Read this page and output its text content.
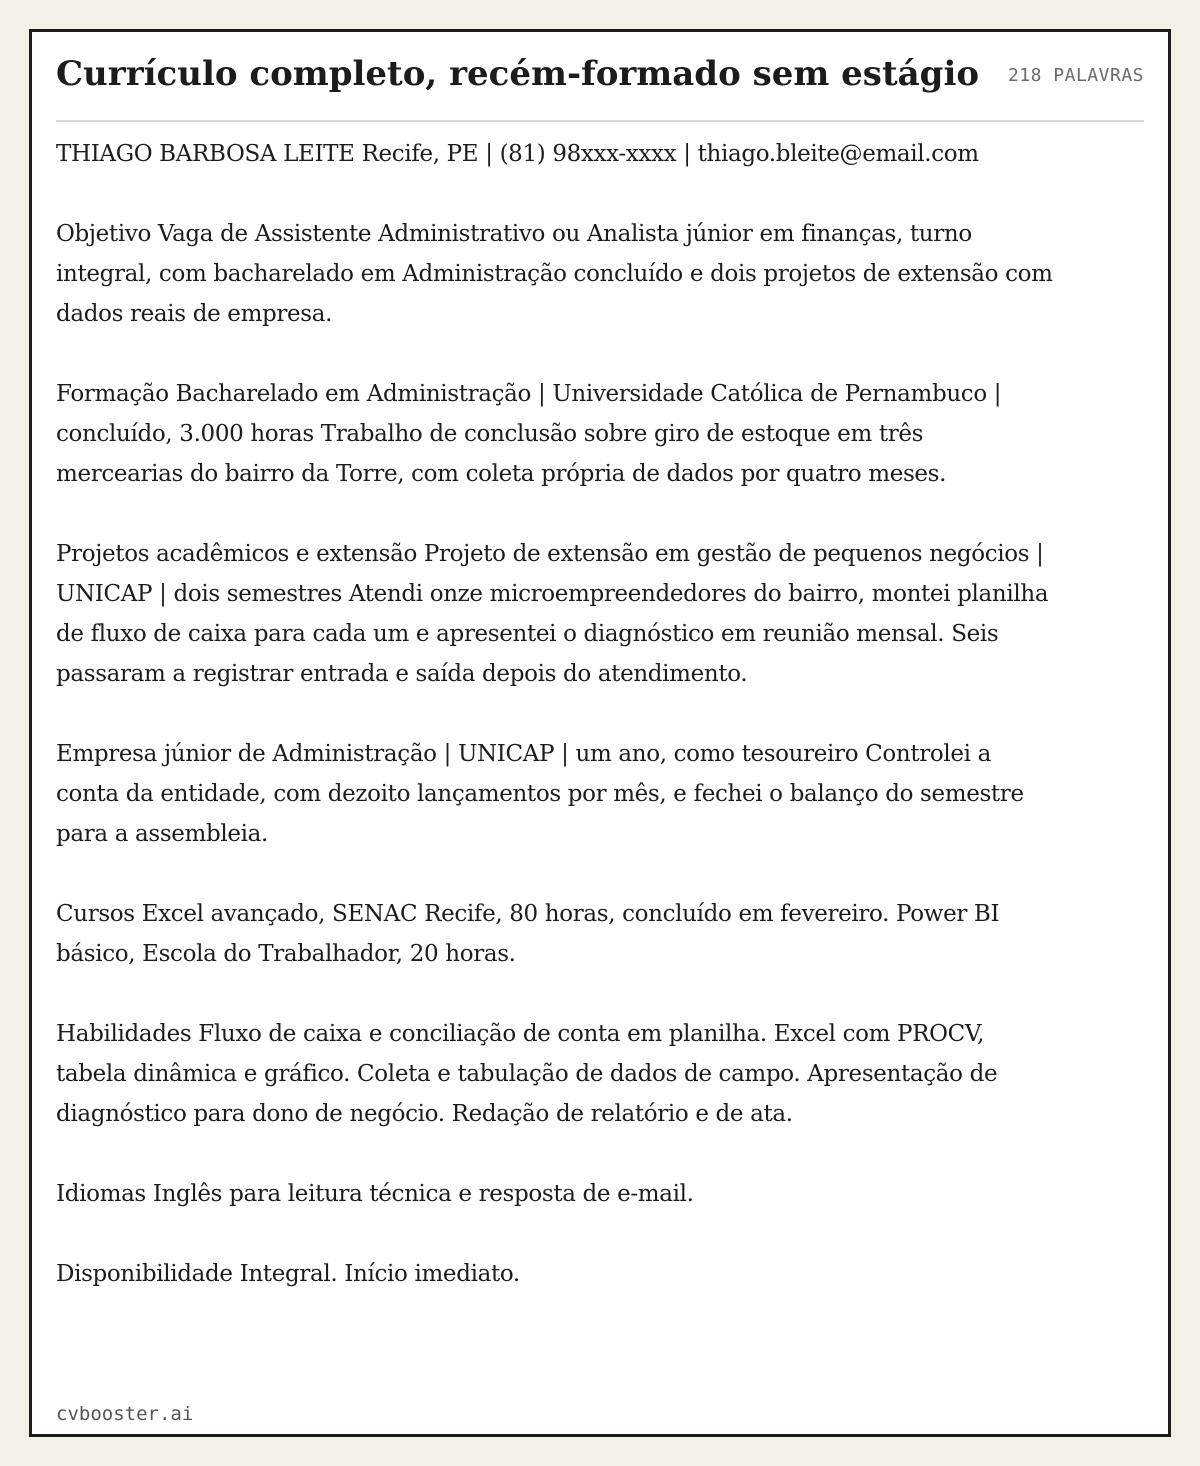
Currículo completo, recém-formado sem estágio 218 PALAVRAS

THIAGO BARBOSA LEITE Recife, PE | (81) 98xxx-xxxx | thiago.bleite@email.com

Objetivo Vaga de Assistente Administrativo ou Analista júnior em finanças, turno integral, com bacharelado em Administração concluído e dois projetos de extensão com dados reais de empresa.

Formação Bacharelado em Administração | Universidade Católica de Pernambuco | concluído, 3.000 horas Trabalho de conclusão sobre giro de estoque em três mercearias do bairro da Torre, com coleta própria de dados por quatro meses.

Projetos acadêmicos e extensão Projeto de extensão em gestão de pequenos negócios | UNICAP | dois semestres Atendi onze microempreendedores do bairro, montei planilha de fluxo de caixa para cada um e apresentei o diagnóstico em reunião mensal. Seis passaram a registrar entrada e saída depois do atendimento.

Empresa júnior de Administração | UNICAP | um ano, como tesoureiro Controlei a conta da entidade, com dezoito lançamentos por mês, e fechei o balanço do semestre para a assembleia.

Cursos Excel avançado, SENAC Recife, 80 horas, concluído em fevereiro. Power BI básico, Escola do Trabalhador, 20 horas.

Habilidades Fluxo de caixa e conciliação de conta em planilha. Excel com PROCV, tabela dinâmica e gráfico. Coleta e tabulação de dados de campo. Apresentação de diagnóstico para dono de negócio. Redação de relatório e de ata.

Idiomas Inglês para leitura técnica e resposta de e-mail.

Disponibilidade Integral. Início imediato.

cvbooster.ai
